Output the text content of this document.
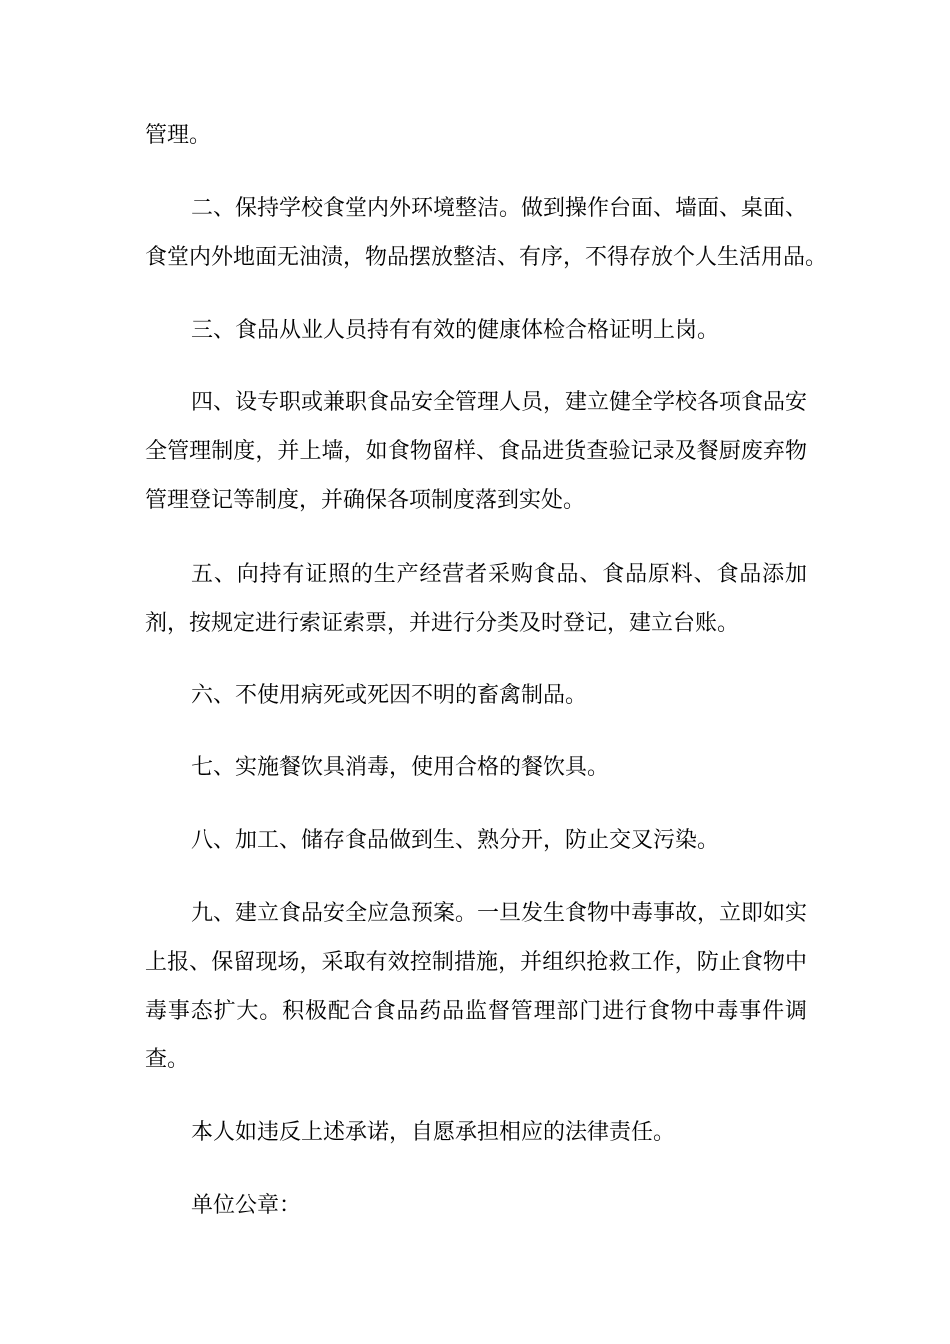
管理。
二、保持学校食堂内外环境整洁。做到操作台面、墙面、桌面、
食堂内外地面无油渍，物品摆放整洁、有序，不得存放个人生活用品。
三、食品从业人员持有有效的健康体检合格证明上岗。
四、设专职或兼职食品安全管理人员，建立健全学校各项食品安
全管理制度，并上墙，如食物留样、食品进货查验记录及餐厨废弃物
管理登记等制度，并确保各项制度落到实处。
五、向持有证照的生产经营者采购食品、食品原料、食品添加
剂，按规定进行索证索票，并进行分类及时登记，建立台账。
六、不使用病死或死因不明的畜禽制品。
七、实施餐饮具消毒，使用合格的餐饮具。
八、加工、储存食品做到生、熟分开，防止交叉污染。
九、建立食品安全应急预案。一旦发生食物中毒事故，立即如实
上报、保留现场，采取有效控制措施，并组织抢救工作，防止食物中
毒事态扩大。积极配合食品药品监督管理部门进行食物中毒事件调
查。
本人如违反上述承诺，自愿承担相应的法律责任。
单位公章：
